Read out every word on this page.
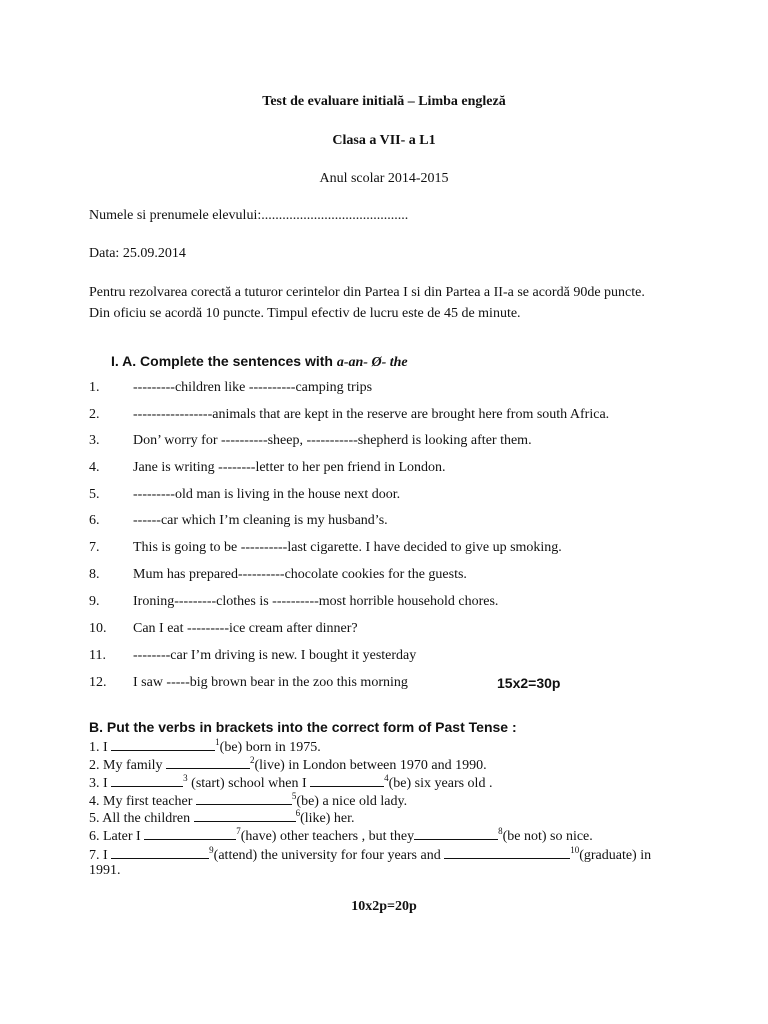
Test de evaluare initială – Limba engleză
Clasa a VII- a L1
Anul scolar 2014-2015
Numele si prenumele elevului:..........................................
Data: 25.09.2014
Pentru rezolvarea corectă a tuturor cerintelor din Partea I si din Partea a II-a se acordă 90de puncte. Din oficiu se acordă 10 puncte. Timpul efectiv de lucru este de 45 de minute.
I. A. Complete the sentences with a-an- Ø- the
1. ---------children like ----------camping trips
2. -----------------animals that are kept in the reserve are brought here from south Africa.
3. Don’ worry for ----------sheep, -----------shepherd is looking after them.
4. Jane is writing --------letter to her pen friend in London.
5. ---------old man is living in the house next door.
6. ------car which I’m cleaning is my husband’s.
7. This is going to be ----------last cigarette. I have decided to give up smoking.
8. Mum has prepared----------chocolate cookies for the guests.
9. Ironing---------clothes is ----------most horrible household chores.
10. Can I eat ---------ice cream after dinner?
11. --------car I’m driving is new. I bought it yesterday
12. I saw -----big brown bear in the zoo this morning	15x2=30p
B. Put the verbs in brackets into the correct form of Past Tense :
1. I	$^1$(be) born in 1975.
2. My family	$^2$(live) in London between 1970 and 1990.
3. I	$^3$ (start) school when I	$^4$(be) six years old .
4. My first teacher	$^5$(be) a nice old lady.
5. All the children	$^6$(like) her.
6. Later I	$^7$(have) other teachers , but they	$^8$(be not) so nice.
7. I	$^9$(attend) the university for four years and	$^{10}$(graduate) in
1991.
10x2p=20p
